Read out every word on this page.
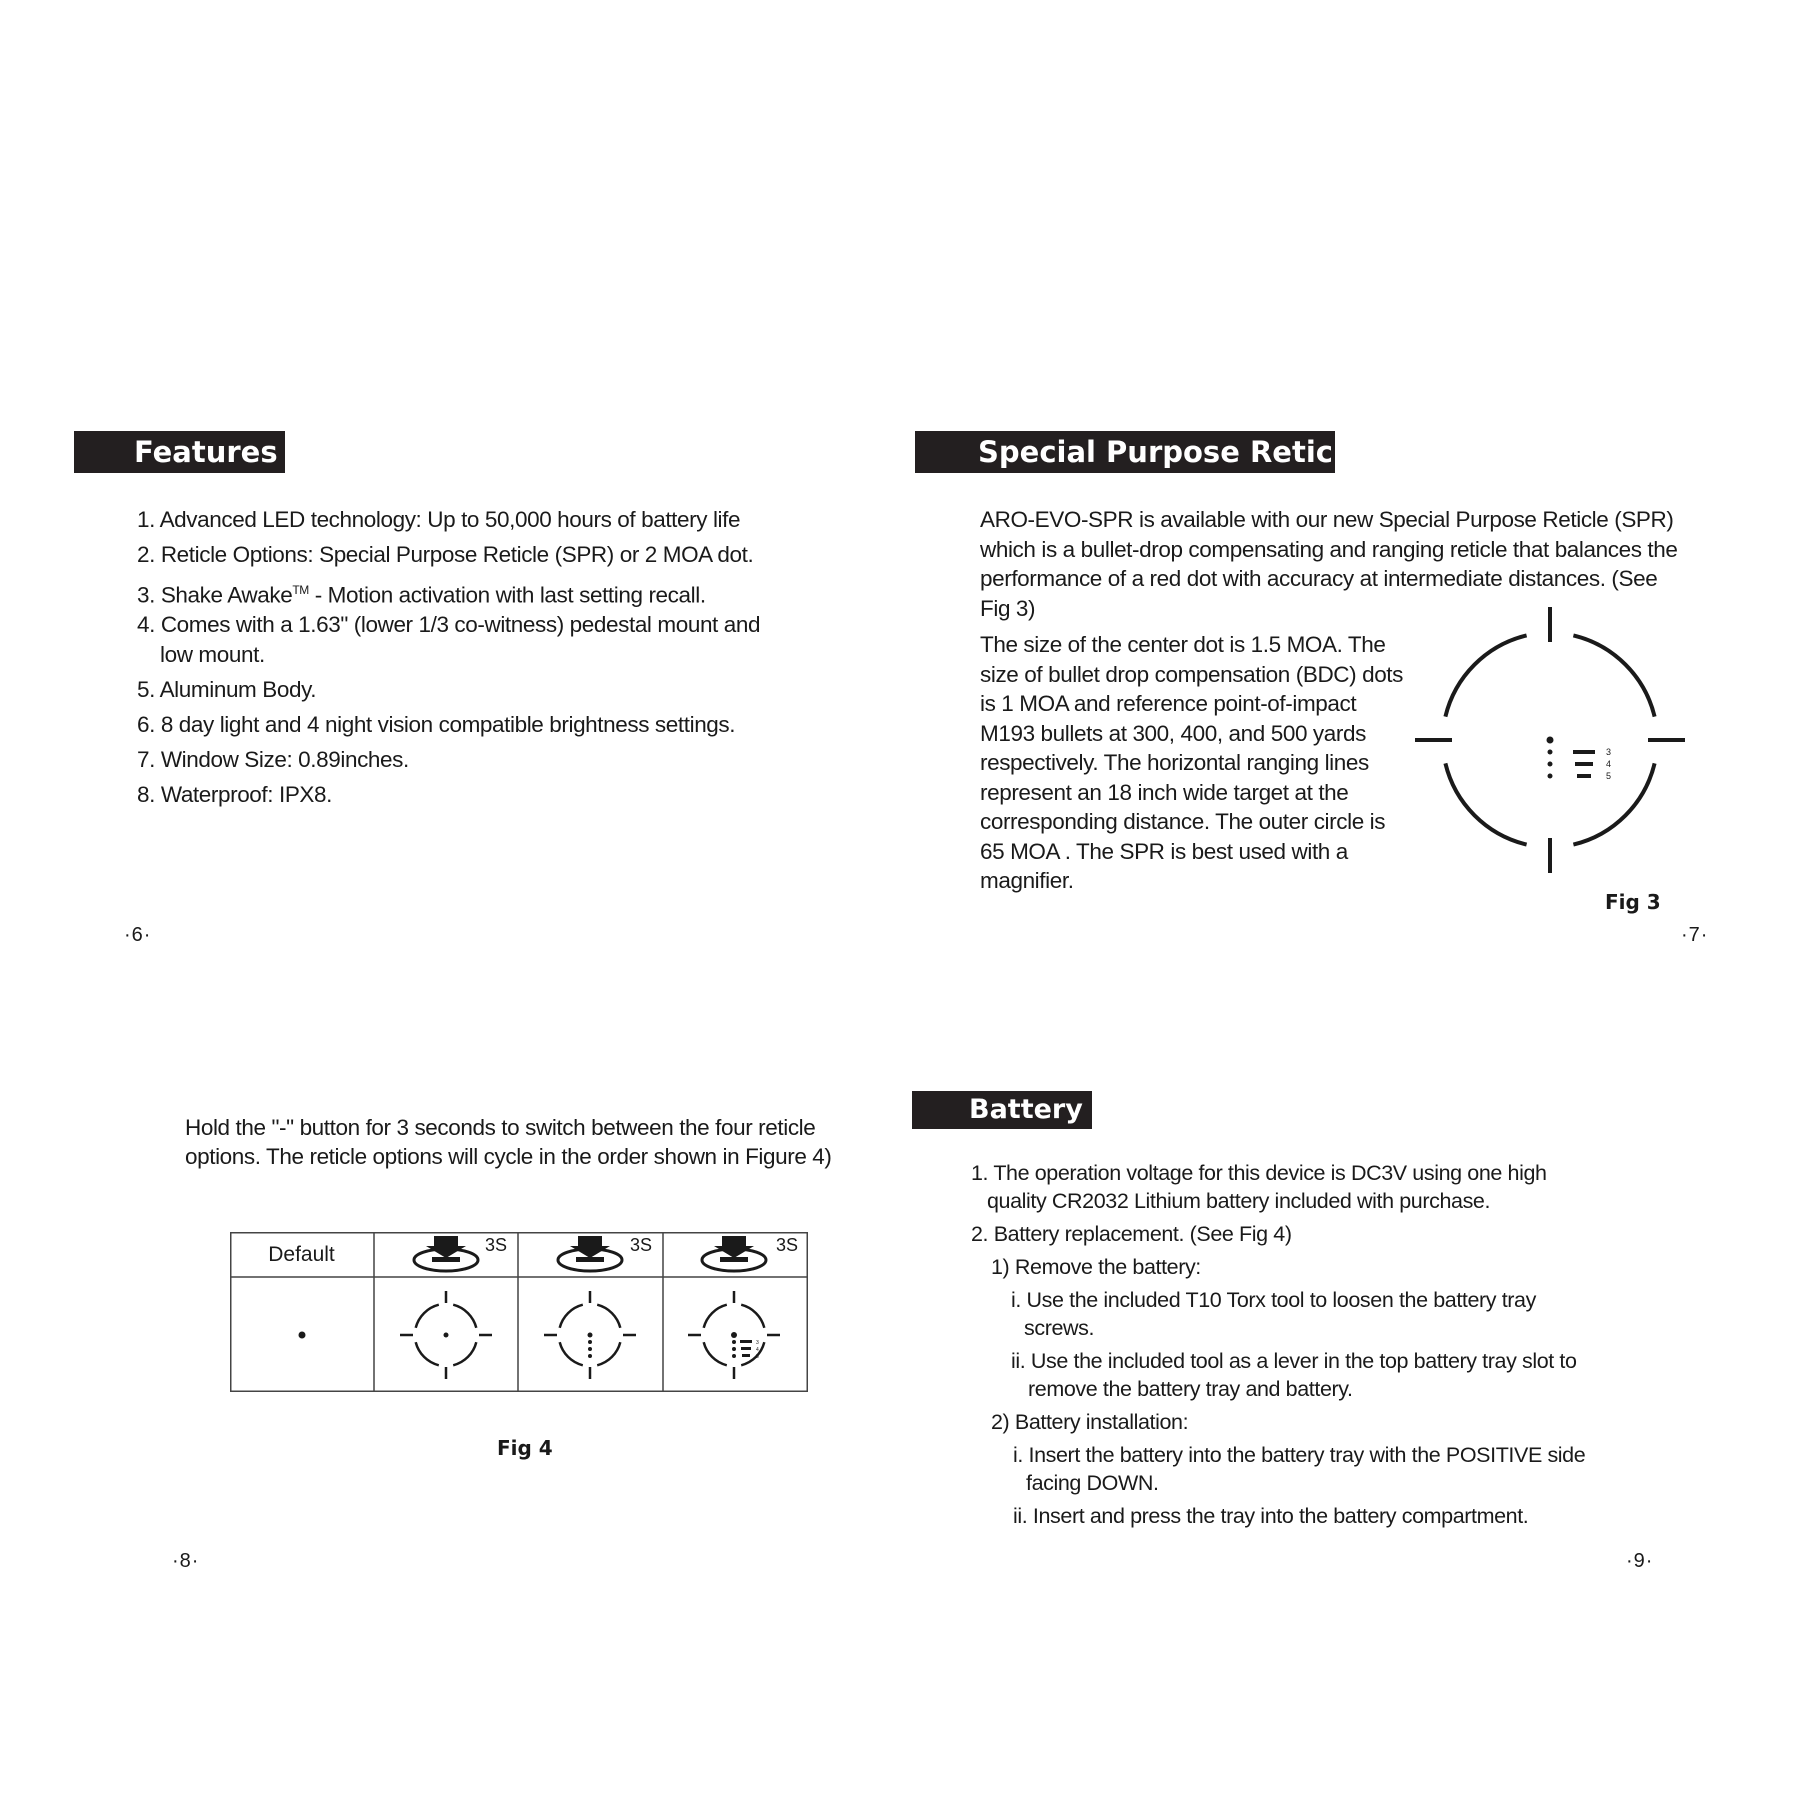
Features
1. Advanced LED technology: Up to 50,000 hours of battery life
2. Reticle Options: Special Purpose Reticle (SPR) or 2 MOA dot.
3. Shake Awake™ - Motion activation with last setting recall.
4. Comes with a 1.63" (lower 1/3 co-witness) pedestal mount and
low mount.
5. Aluminum Body.
6. 8 day light and 4 night vision compatible brightness settings.
7. Window Size: 0.89inches.
8. Waterproof: IPX8.
·6·
Special Purpose Reticle
ARO-EVO-SPR is available with our new Special Purpose Reticle (SPR) which is a bullet-drop compensating and ranging reticle that balances the performance of a red dot with accuracy at intermediate distances. (See Fig 3)
The size of the center dot is 1.5 MOA. The size of bullet drop compensation (BDC) dots is 1 MOA and reference point-of-impact M193 bullets at 300, 400, and 500 yards respectively. The horizontal ranging lines represent an 18 inch wide target at the corresponding distance. The outer circle is 65 MOA . The SPR is best used with a magnifier.
3
4
5
Fig 3
·7·
Hold the "-" button for 3 seconds to switch between the four reticle options. The reticle options will cycle in the order shown in Figure 4)
3
4
5
Default	3S	3S	3S
Fig 4
·8·
Battery
1. The operation voltage for this device is DC3V using one high
quality CR2032 Lithium battery included with purchase.
2. Battery replacement. (See Fig 4)
1) Remove the battery:
i. Use the included T10 Torx tool to loosen the battery tray
screws.
ii. Use the included tool as a lever in the top battery tray slot to
remove the battery tray and battery.
2) Battery installation:
i. Insert the battery into the battery tray with the POSITIVE side
facing DOWN.
ii. Insert and press the tray into the battery compartment.
·9·
